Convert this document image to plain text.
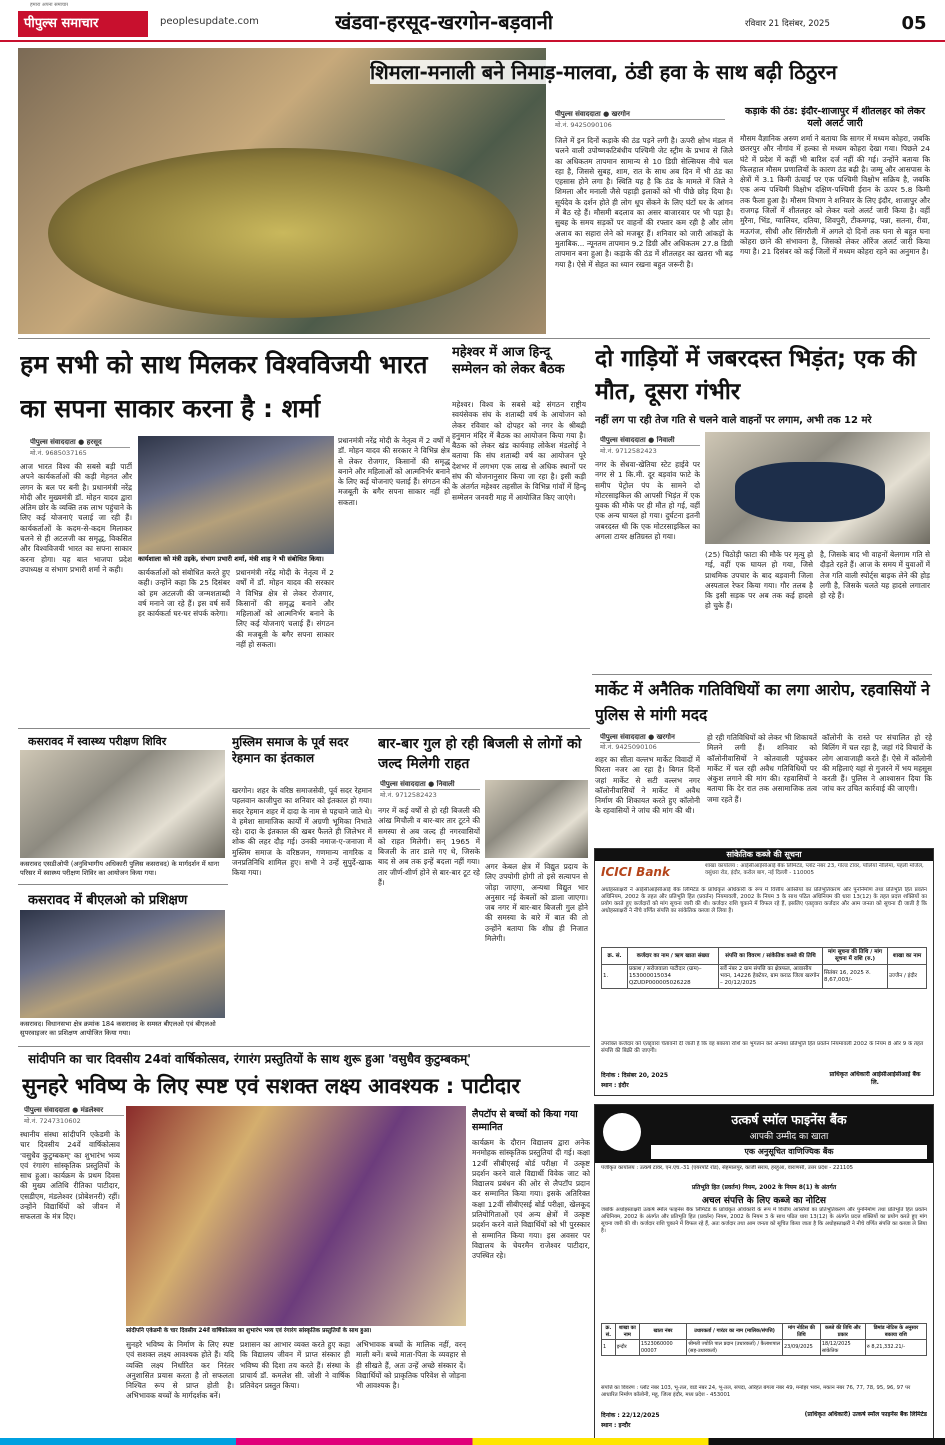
हमारा अपना समाचार
पीपुल्स समाचार	peoplesupdate.com	खंडवा-हरसूद-खरगोन-बड़वानी	रविवार 21 दिसंबर, 2025	05
शिमला-मनाली बने निमाड़-मालवा, ठंडी हवा के साथ बढ़ी ठिठुरन
पीपुल्स संवाददाता ● खरगोन
मो.नं. 9425090106
जिले में इन दिनों कड़ाके की ठंड पड़ने लगी है। ऊपरी क्षोभ मंडल में चलने वाली उपोष्णकटिबंधीय पश्चिमी जेट स्ट्रीम के प्रभाव से जिले का अधिकतम तापमान सामान्य से 10 डिग्री सेल्सियस नीचे चल रहा है, जिससे सुबह, शाम, रात के साथ अब दिन में भी ठंड का एहसास होने लगा है। स्थिति यह है कि ठंड के मामले में जिले ने शिमला और मनाली जैसे पहाड़ी इलाकों को भी पीछे छोड़ दिया है। सूर्यदेव के दर्शन होते ही लोग धूप सेंकने के लिए घंटों घर के आंगन में बैठ रहे हैं। मौसमी बदलाव का असर बाजारवार पर भी पड़ा है। सुबह के समय सड़कों पर वाहनों की रफ्तार कम रही है और लोग अलाव का सहारा लेने को मजबूर हैं। शनिवार को जारी आंकड़ों के मुताबिक... न्यूनतम तापमान 9.2 डिग्री और अधिकतम 27.8 डिग्री तापमान बना हुआ है। कड़ाके की ठंड में शीतलहर का खतरा भी बढ़ गया है। ऐसे में सेहत का ध्यान रखना बहुत जरूरी है।
कड़ाके की ठंड: इंदौर-शाजापुर में शीतलहर को लेकर यलो अलर्ट जारी
मौसम वैज्ञानिक अरुण शर्मा ने बताया कि सागर में मध्यम कोहरा, जबकि छतरपुर और नौगांव में हल्का से मध्यम कोहरा देखा गया। पिछले 24 घंटे में प्रदेश में कहीं भी बारिश दर्ज नहीं की गई। उन्होंने बताया कि फिलहाल मौसम प्रणालियों के कारण ठंड बढ़ी है। जम्मू और आसपास के क्षेत्रों में 3.1 किमी ऊंचाई पर एक पश्चिमी विक्षोभ सक्रिय है, जबकि एक अन्य पश्चिमी विक्षोभ दक्षिण-पश्चिमी ईरान के ऊपर 5.8 किमी तक फैला हुआ है। मौसम विभाग ने शनिवार के लिए इंदौर, शाजापुर और राजगढ़ जिलों में शीतलहर को लेकर यलो अलर्ट जारी किया है। वहीं मुरैना, भिंड, ग्वालियर, दतिया, शिवपुरी, टीकमगढ़, पन्ना, सतना, रीवा, मऊगंज, सीधी और सिंगरौली में अगले दो दिनों तक घना से बहुत घना कोहरा छाने की संभावना है, जिसको लेकर ऑरेंज अलर्ट जारी किया गया है। 21 दिसंबर को कई जिलों में मध्यम कोहरा रहने का अनुमान है।
हम सभी को साथ मिलकर विश्वविजयी भारत का सपना साकार करना है : शर्मा
पीपुल्स संवाददाता ● हरसूद
मो.नं. 9685037165
आज भारत विश्व की सबसे बड़ी पार्टी अपने कार्यकर्ताओं की कड़ी मेहनत और लगन के बल पर बनी है। प्रधानमंत्री नरेंद्र मोदी और मुख्यमंत्री डॉ. मोहन यादव द्वारा अंतिम छोर के व्यक्ति तक लाभ पहुंचाने के लिए कई योजनाएं चलाई जा रही हैं। कार्यकर्ताओं के कदम-से-कदम मिलाकर चलने से ही अटलजी का समृद्ध, विकसित और विश्वविजयी भारत का सपना साकार करना होगा। यह बात भाजपा प्रदेश उपाध्यक्ष व संभाग प्रभारी शर्मा ने कही।
कार्यशाला को मंत्री उइके, संभाग प्रभारी शर्मा, मंत्री शाह ने भी संबोधित किया।
कार्यकर्ताओं को संबोधित करते हुए कही। उन्होंने कहा कि 25 दिसंबर को हम अटलजी की जन्मशताब्दी वर्ष मनाने जा रहे हैं। इस वर्ष सर्वे हर कार्यकर्ता घर-घर संपर्क करेगा।
प्रधानमंत्री नरेंद्र मोदी के नेतृत्व में 2 वर्षों में डॉ. मोहन यादव की सरकार ने विभिन्न क्षेत्र से लेकर रोजगार, किसानों की समृद्ध बनाने और महिलाओं को आत्मनिर्भर बनाने के लिए कई योजनाएं चलाई हैं। संगठन की मजबूती के बगैर सपना साकार नहीं हो सकता।
प्रधानमंत्री नरेंद्र मोदी के नेतृत्व में 2 वर्षों में डॉ. मोहन यादव की सरकार ने विभिन्न क्षेत्र से लेकर रोजगार, किसानों की समृद्ध बनाने और महिलाओं को आत्मनिर्भर बनाने के लिए कई योजनाएं चलाई हैं। संगठन की मजबूती के बगैर सपना साकार नहीं हो सकता।
महेश्वर में आज हिन्दू सम्मेलन को लेकर बैठक
महेश्वर। विश्व के सबसे बड़े संगठन राष्ट्रीय स्वयंसेवक संघ के शताब्दी वर्ष के आयोजन को लेकर रविवार को दोपहर को नगर के श्रीबद्री हनुमान मंदिर में बैठक का आयोजन किया गया है। बैठक को लेकर खंड कार्यवाह लोकेश मंडलोई ने बताया कि संघ शताब्दी वर्ष का आयोजन पूरे देशभर में लगभग एक लाख से अधिक स्थानों पर संघ की योजनानुसार किया जा रहा है। इसी कड़ी के अंतर्गत महेश्वर तहसील के विभिन्न गांवों में हिन्दू सम्मेलन जनवरी माह में आयोजित किए जाएंगे।
दो गाड़ियों में जबरदस्त भिड़ंत; एक की मौत, दूसरा गंभीर
नहीं लग पा रही तेज गति से चलने वाले वाहनों पर लगाम, अभी तक 12 मरे
पीपुल्स संवाददाता ● निवाली
मो.नं. 9712582423
नगर के सेंधवा-खेतिया स्टेट हाईवे पर नगर से 1 कि.मी. दूर बड़वांव फाटे के समीप पेट्रोल पंप के सामने दो मोटरसाइकिल की आपसी भिड़ंत में एक युवक की मौके पर ही मौत हो गई, वहीं एक अन्य घायल हो गया। दुर्घटना इतनी जबरदस्त थी कि एक मोटरसाइकिल का अगला टायर क्षतिग्रस्त हो गया।
(25) चिठोड़ी फाटा की मौके पर मृत्यु हो गई, वहीं एक घायल हो गया, जिसे प्राथमिक उपचार के बाद बड़वानी जिला अस्पताल रेफर किया गया। गौर तलब है कि इसी सड़क पर अब तक कई हादसे हो चुके हैं।
है, जिसके बाद भी वाहनों बेलगाम गति से दौड़ते रहते हैं। आज के समय में युवाओं में तेज गति वाली स्पोर्ट्स बाइक लेने की होड़ लगी है, जिसके चलते यह हादसे लगातार हो रहे हैं।
मार्केट में अनैतिक गतिविधियों का लगा आरोप, रहवासियों ने पुलिस से मांगी मदद
पीपुल्स संवाददाता ● खरगोन
मो.नं. 9425090106
शहर का सीता वल्लभ मार्केट विवादों में घिरता नजर आ रहा है। बिगत दिनों जहां मार्केट से सटी वल्लभ नगर कॉलोनीवासियों ने मार्केट में अवैध निर्माण की शिकायत करते हुए कॉलोनी के रहवासियों ने जांच की मांग की थी।
हो रही गतिविधियों को लेकर भी शिकायतें मिलने लगी हैं। शनिवार को कॉलोनीवासियों ने कोतवाली पहुंचकर मार्केट में चल रही अवैध गतिविधियों पर अंकुश लगाने की मांग की। रहवासियों ने बताया कि देर रात तक असामाजिक तत्व जमा रहते हैं।
कॉलोनी के रास्ते पर संचालित हो रहे बिलिंग में चल रहा है, जहां गंदे विचारों के लोग आवाजाही करते हैं। ऐसे में कॉलोनी की महिलाएं यहां से गुजरने में भय महसूस करती हैं। पुलिस ने आश्वासन दिया कि जांच कर उचित कार्रवाई की जाएगी।
कसरावद में स्वास्थ्य परीक्षण शिविर
कसरावद एसडीओपी (अनुविभागीय अधिकारी पुलिस कसरावद) के मार्गदर्शन में थाना परिसर में स्वास्थ्य परीक्षण शिविर का आयोजन किया गया।
कसरावद में बीएलओ को प्रशिक्षण
कसरावद। विधानसभा क्षेत्र क्रमांक 184 कसरावद के समस्त बीएलओ एवं बीएलओ सुपरवाइजर का प्रशिक्षण आयोजित किया गया।
मुस्लिम समाज के पूर्व सदर रेहमान का इंतकाल
खरगोन। शहर के वरिष्ठ समाजसेवी, पूर्व सदर रेहमान पहलवान काजीपुरा का शनिवार को इंतकाल हो गया। सदर रेहमान शहर में दादा के नाम से पहचाने जाते थे। वे हमेशा सामाजिक कार्यों में अग्रणी भूमिका निभाते रहे। दादा के इंतकाल की खबर फैलते ही जिलेभर में शोक की लहर दौड़ गई। उनकी नमाज-ए-जनाजा में मुस्लिम समाज के वरिष्ठजन, गणमान्य नागरिक व जनप्रतिनिधि शामिल हुए। सभी ने उन्हें सुपुर्दे-खाक किया गया।
बार-बार गुल हो रही बिजली से लोगों को जल्द मिलेगी राहत
पीपुल्स संवाददाता ● निवाली
मो.नं. 9712582423
नगर में कई वर्षों से हो रही बिजली की आंख मिचौली व बार-बार तार टूटने की समस्या से अब जल्द ही नगरवासियों को राहत मिलेगी। सन् 1965 में बिजली के तार डाले गए थे, जिसके बाद से अब तक इन्हें बदला नहीं गया। तार जीर्ण-शीर्ण होने से बार-बार टूट रहे हैं।
अगर केबल क्षेत्र में विद्युत प्रदाय के लिए उपयोगी होगी तो इसे सत्यापन से जोड़ा जाएगा, अन्यथा विद्युत भार अनुसार नई केबलों को डाला जाएगा। जब नगर में बार-बार बिजली गुल होने की समस्या के बारे में बात की तो उन्होंने बताया कि शीघ्र ही निजात मिलेगी।
सांकेतिक कब्जे की सूचना
ICICI Bank	शाखा कार्यालय : आईसीआईसीआई बैंक लिमिटेड, प्लॉट नंबर 23, गोल्ड टॉवर, पोलियो नीलिमा, पहली मंजिल, वसुंधरा रोड, इंदौर, करोल बाग, नई दिल्ली - 110005
अधोहस्ताक्षरी ने आईसीआईसीआई बैंक लिमिटेड के प्राधिकृत अधिकारी के रूप में वित्तीय आस्तियों का प्रतिभूतिकरण और पुनर्निर्माण तथा प्रतिभूति हित प्रवर्तन अधिनियम, 2002 के तहत और प्रतिभूति हित (प्रवर्तन) नियमावली, 2002 के नियम 3 के साथ पठित अधिनियम की धारा 13(12) के तहत प्रदत्त शक्तियों का प्रयोग करते हुए कर्जदारों को मांग सूचना जारी की थी। कर्जदार राशि चुकाने में विफल रहे हैं, इसलिए एतद्द्वारा कर्जदार और आम जनता को सूचना दी जाती है कि अधोहस्ताक्षरी ने नीचे वर्णित संपत्ति का सांकेतिक कब्जा ले लिया है।
क्र. सं.	कर्जदार का नाम / ऋण खाता संख्या	संपत्ति का विवरण / सांकेतिक कब्जे की तिथि	मांग सूचना की तिथि / मांग सूचना में राशि (रु.)	शाखा का नाम
1.	प्रकाश / सरोजवाला पाटीदार (ग्राम)– 153000015034 QZUDP000005026228	सर्वे नंबर 2 ग्राम संपत्ति का क्षेत्रफल, आवासीय भवन, 14226 हेक्टेयर, ग्राम कराठ जिला खरगोन – 20/12/2025	सितंबर 16, 2025 रु. 8,67,003/-	उज्जैन / इंदौर
उपरोक्त कर्जदार को एतद्द्वारा चेतावनी दी जाती है कि वह बकाया राशि का भुगतान करे अन्यथा प्रतिभूति हित प्रवर्तन नियमावली 2002 के नियम 8 और 9 के तहत संपत्ति की बिक्री की जाएगी।
दिनांक : दिसंबर 20, 2025
स्थान : इंदौर
प्राधिकृत अधिकारी आईसीआईसीआई बैंक लि.
सांदीपनि का चार दिवसीय 24वां वार्षिकोत्सव, रंगारंग प्रस्तुतियों के साथ शुरू हुआ 'वसुधैव कुटुम्बकम्'
सुनहरे भविष्य के लिए स्पष्ट एवं सशक्त लक्ष्य आवश्यक : पाटीदार
पीपुल्स संवाददाता ● मंडलेश्वर
मो.नं. 7247310602
स्थानीय संस्था सांदीपनि एकेडमी के चार दिवसीय 24वें वार्षिकोत्सव 'वसुधैव कुटुम्बकम्' का शुभारंभ भव्य एवं रंगारंग सांस्कृतिक प्रस्तुतियों के साथ हुआ। कार्यक्रम के प्रथम दिवस की मुख्य अतिथि रीतिका पाटीदार, एसडीएम, मंडलेश्वर (प्रोबेशनरी) रहीं। उन्होंने विद्यार्थियों को जीवन में सफलता के मंत्र दिए।
सांदीपनि एकेडमी के चार दिवसीय 24वें वार्षिकोत्सव का शुभारंभ भव्य एवं रंगारंग सांस्कृतिक प्रस्तुतियों के साथ हुआ।
सुनहरे भविष्य के निर्माण के लिए स्पष्ट एवं सशक्त लक्ष्य आवश्यक होते हैं। यदि व्यक्ति लक्ष्य निर्धारित कर निरंतर अनुशासित प्रयास करता है तो सफलता निश्चित रूप से प्राप्त होती है। अभिभावक बच्चों के मार्गदर्शक बनें।
प्रशासन का आभार व्यक्त करते हुए कहा कि विद्यालय जीवन में प्राप्त संस्कार ही भविष्य की दिशा तय करते हैं। संस्था के प्राचार्य डॉ. कमलेश सी. जोशी ने वार्षिक प्रतिवेदन प्रस्तुत किया।
अभिभावक बच्चों के मालिक नहीं, वरन् माली बनें। बच्चे माता-पिता के व्यवहार से ही सीखते हैं, अतः उन्हें अच्छे संस्कार दें। विद्यार्थियों को प्राकृतिक परिवेश से जोड़ना भी आवश्यक है।
लैपटॉप से बच्चों को किया गया सम्मानित
कार्यक्रम के दौरान विद्यालय द्वारा अनेक मनमोहक सांस्कृतिक प्रस्तुतियां दी गई। कक्षा 12वीं सीबीएसई बोर्ड परीक्षा में उत्कृष्ट प्रदर्शन करने वाले विद्यार्थी विवेक जाट को विद्यालय प्रबंधन की ओर से लैपटॉप प्रदान कर सम्मानित किया गया। इसके अतिरिक्त कक्षा 12वीं सीबीएसई बोर्ड परीक्षा, खेलकूद प्रतियोगिताओं एवं अन्य क्षेत्रों में उत्कृष्ट प्रदर्शन करने वाले विद्यार्थियों को भी पुरस्कार से सम्मानित किया गया। इस अवसर पर विद्यालय के चेयरमैन राजेश्वर पाटीदार, उपस्थित रहे।
उत्कर्ष स्मॉल फाइनेंस बैंक
आपकी उम्मीद का खाता
एक अनुसूचित वाणिज्यिक बैंक
पंजीकृत कार्यालय : उत्कर्ष टावर, एन.एच.-31 (एयरपोर्ट रोड), सेहमालपुर, काजी सराय, हरहुआ, वाराणसी, उत्तर प्रदेश - 221105
प्रतिभूति हित (प्रवर्तन) नियम, 2002 के नियम 8(1) के अंतर्गत
अचल संपत्ति के लिए कब्जे का नोटिस
जबकि अधोहस्ताक्षरी उत्कर्ष स्मॉल फाइनेंस बैंक लिमिटेड के प्राधिकृत अधिकारी के रूप में वित्तीय आस्तियों का प्रतिभूतिकरण और पुनर्निर्माण तथा प्रतिभूति हित प्रवर्तन अधिनियम, 2002 के अंतर्गत और प्रतिभूति हित (प्रवर्तन) नियम, 2002 के नियम 3 के साथ पठित धारा 13(12) के अंतर्गत प्रदत्त शक्तियों का प्रयोग करते हुए मांग सूचना जारी की थी। कर्जदार राशि चुकाने में विफल रहे हैं, अतः कर्जदार तथा आम जनता को सूचित किया जाता है कि अधोहस्ताक्षरी ने नीचे वर्णित संपत्ति का कब्जा ले लिया है।
क्र. सं.	शाखा का नाम	खाता नंबर	उधारकर्ता / गारंटर का नाम (मालिक/संपत्ति)	मांग नोटिस की तिथि	कब्जे की तिथि और प्रकार	डिमांड नोटिस के अनुसार बकाया राशि
1	इन्दौर	1523060000 00007	श्रीमती ज्योति पाल प्रदान (उधारकर्ता) / कैलाशपाल (सह-उधारकर्ता)	23/09/2025	18/12/2025 सांकेतिक	रु 8,21,332.21/-
संपत्ति का विवरण : प्लॉट नंबर 103, भू-तल, वार्ड नंबर 24, भू-तल, संपदा, अरिहंत बंगला नंबर 49, मनोहर भवन, मकान नंबर 76, 77, 78, 95, 96, 97 पर आधारित निर्माण कॉलोनी, महू, जिला इंदौर, मध्य प्रदेश - 453001
दिनांक : 22/12/2025
स्थान : इन्दौर
(प्राधिकृत अधिकारी) उत्कर्ष स्मॉल फाइनेंस बैंक लिमिटेड
